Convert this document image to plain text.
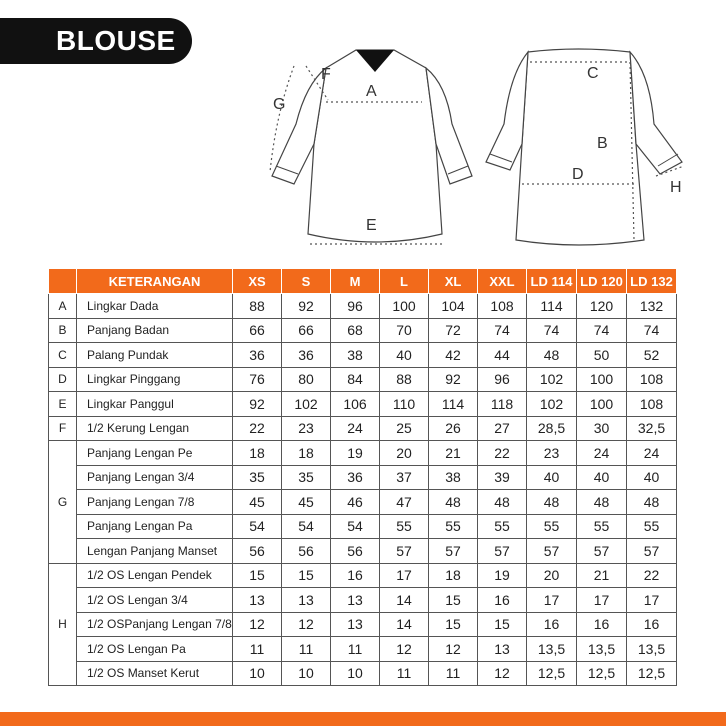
BLOUSE
F
G
A
E
C
B
D
H
	KETERANGAN	XS	S	M	L	XL	XXL	LD 114	LD 120	LD 132
A	Lingkar Dada	88	92	96	100	104	108	114	120	132
B	Panjang Badan	66	66	68	70	72	74	74	74	74
C	Palang Pundak	36	36	38	40	42	44	48	50	52
D	Lingkar Pinggang	76	80	84	88	92	96	102	100	108
E	Lingkar Panggul	92	102	106	110	114	118	102	100	108
F	1/2 Kerung Lengan	22	23	24	25	26	27	28,5	30	32,5
G	Panjang Lengan Pe	18	18	19	20	21	22	23	24	24
	Panjang Lengan 3/4	35	35	36	37	38	39	40	40	40
	Panjang Lengan 7/8	45	45	46	47	48	48	48	48	48
	Panjang Lengan Pa	54	54	54	55	55	55	55	55	55
	Lengan Panjang Manset	56	56	56	57	57	57	57	57	57
H	1/2 OS Lengan Pendek	15	15	16	17	18	19	20	21	22
	1/2 OS Lengan 3/4	13	13	13	14	15	16	17	17	17
	1/2 OSPanjang Lengan 7/8	12	12	13	14	15	15	16	16	16
	1/2 OS Lengan Pa	11	11	11	12	12	13	13,5	13,5	13,5
	1/2 OS Manset Kerut	10	10	10	11	11	12	12,5	12,5	12,5
